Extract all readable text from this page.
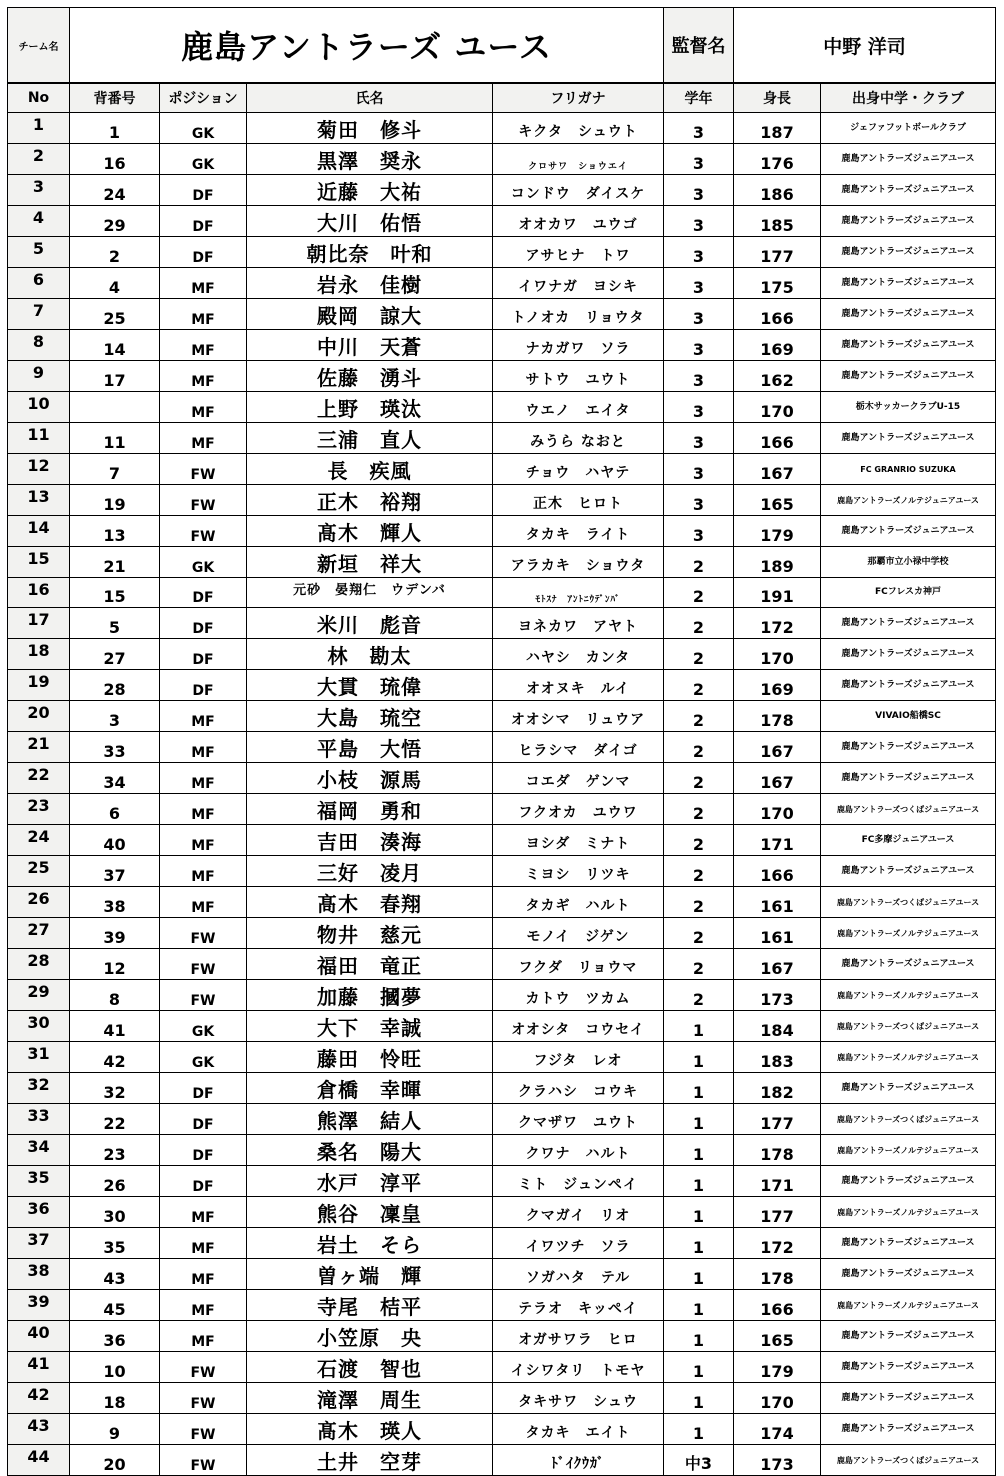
チーム名	鹿島アントラーズ ユース	監督名	中野 洋司
No	背番号	ポジション	氏名	フリガナ	学年	身長	出身中学・クラブ
1	1	GK	菊田　修斗	キクタ　シュウト	3	187	ジェファフットボールクラブ
2	16	GK	黒澤　奨永	クロサワ　ショウエイ	3	176	鹿島アントラーズジュニアユース
3	24	DF	近藤　大祐	コンドウ　ダイスケ	3	186	鹿島アントラーズジュニアユース
4	29	DF	大川　佑悟	オオカワ　ユウゴ	3	185	鹿島アントラーズジュニアユース
5	2	DF	朝比奈　叶和	アサヒナ　トワ	3	177	鹿島アントラーズジュニアユース
6	4	MF	岩永　佳樹	イワナガ　ヨシキ	3	175	鹿島アントラーズジュニアユース
7	25	MF	殿岡　諒大	トノオカ　リョウタ	3	166	鹿島アントラーズジュニアユース
8	14	MF	中川　天蒼	ナカガワ　ソラ	3	169	鹿島アントラーズジュニアユース
9	17	MF	佐藤　湧斗	サトウ　ユウト	3	162	鹿島アントラーズジュニアユース
10		MF	上野　瑛汰	ウエノ　エイタ	3	170	栃木サッカークラブU-15
11	11	MF	三浦　直人	みうら なおと	3	166	鹿島アントラーズジュニアユース
12	7	FW	長　疾風	チョウ　ハヤテ	3	167	FC GRANRIO SUZUKA
13	19	FW	正木　裕翔	正木　ヒロト	3	165	鹿島アントラーズノルテジュニアユース
14	13	FW	髙木　輝人	タカキ　ライト	3	179	鹿島アントラーズジュニアユース
15	21	GK	新垣　祥大	アラカキ　ショウタ	2	189	那覇市立小禄中学校
16	15	DF	元砂　晏翔仁　ウデンバ	ﾓﾄｽﾅ　ｱﾝﾄﾆｳﾃﾞﾝﾊﾞ	2	191	FCフレスカ神戸
17	5	DF	米川　彪音	ヨネカワ　アヤト	2	172	鹿島アントラーズジュニアユース
18	27	DF	林　勘太	ハヤシ　カンタ	2	170	鹿島アントラーズジュニアユース
19	28	DF	大貫　琉偉	オオヌキ　ルイ	2	169	鹿島アントラーズジュニアユース
20	3	MF	大島　琉空	オオシマ　リュウア	2	178	VIVAIO船橋SC
21	33	MF	平島　大悟	ヒラシマ　ダイゴ	2	167	鹿島アントラーズジュニアユース
22	34	MF	小枝　源馬	コエダ　ゲンマ	2	167	鹿島アントラーズジュニアユース
23	6	MF	福岡　勇和	フクオカ　ユウワ	2	170	鹿島アントラーズつくばジュニアユース
24	40	MF	吉田　湊海	ヨシダ　ミナト	2	171	FC多摩ジュニアユース
25	37	MF	三好　凌月	ミヨシ　リツキ	2	166	鹿島アントラーズジュニアユース
26	38	MF	髙木　春翔	タカギ　ハルト	2	161	鹿島アントラーズつくばジュニアユース
27	39	FW	物井　慈元	モノイ　ジゲン	2	161	鹿島アントラーズノルテジュニアユース
28	12	FW	福田　竜正	フクダ　リョウマ	2	167	鹿島アントラーズジュニアユース
29	8	FW	加藤　摑夢	カトウ　ツカム	2	173	鹿島アントラーズノルテジュニアユース
30	41	GK	大下　幸誠	オオシタ　コウセイ	1	184	鹿島アントラーズつくばジュニアユース
31	42	GK	藤田　怜旺	フジタ　レオ	1	183	鹿島アントラーズノルテジュニアユース
32	32	DF	倉橋　幸暉	クラハシ　コウキ	1	182	鹿島アントラーズジュニアユース
33	22	DF	熊澤　結人	クマザワ　ユウト	1	177	鹿島アントラーズつくばジュニアユース
34	23	DF	桑名　陽大	クワナ　ハルト	1	178	鹿島アントラーズノルテジュニアユース
35	26	DF	水戸　淳平	ミト　ジュンペイ	1	171	鹿島アントラーズジュニアユース
36	30	MF	熊谷　凜皇	クマガイ　リオ	1	177	鹿島アントラーズノルテジュニアユース
37	35	MF	岩土　そら	イワツチ　ソラ	1	172	鹿島アントラーズジュニアユース
38	43	MF	曽ヶ端　輝	ソガハタ　テル	1	178	鹿島アントラーズジュニアユース
39	45	MF	寺尾　桔平	テラオ　キッペイ	1	166	鹿島アントラーズノルテジュニアユース
40	36	MF	小笠原　央	オガサワラ　ヒロ	1	165	鹿島アントラーズジュニアユース
41	10	FW	石渡　智也	イシワタリ　トモヤ	1	179	鹿島アントラーズジュニアユース
42	18	FW	滝澤　周生	タキサワ　シュウ	1	170	鹿島アントラーズジュニアユース
43	9	FW	髙木　瑛人	タカキ　エイト	1	174	鹿島アントラーズジュニアユース
44	20	FW	土井　空芽	ﾄﾞｲｸｳｶﾞ	中3	173	鹿島アントラーズつくばジュニアユース
